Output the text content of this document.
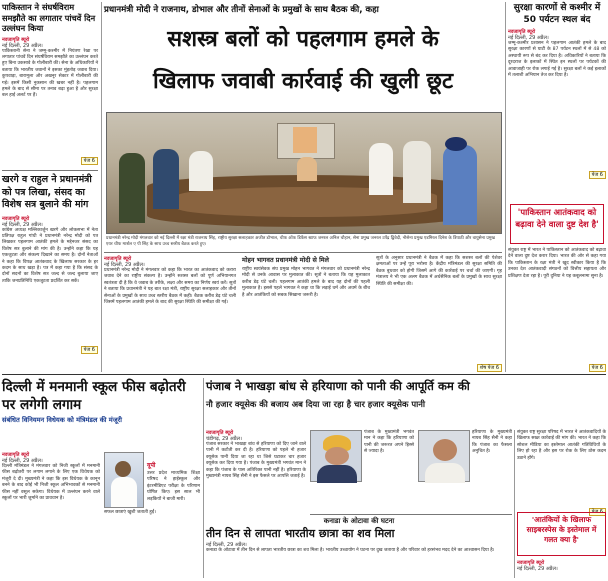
पाकिस्तान ने संघर्षविराम समझौते का लगातार पांचवें दिन उल्लंघन किया
नवजागृति ब्यूरो
नई दिल्ली, 29 अप्रैल।
पाकिस्तानी सेना ने जम्मू-कश्मीर में नियंत्रण रेखा पर लगातार पांचवें दिन संघर्षविराम समझौते का उल्लंघन करते हुए बिना उकसावे के गोलीबारी की। सेना के अधिकारियों ने बताया कि भारतीय जवानों ने इसका मुंहतोड़ जवाब दिया। कुपवाड़ा, बारामूला और अखनूर सेक्टर में गोलीबारी की गई। इसमें किसी नुकसान की खबर नहीं है। पहलगाम हमले के बाद से सीमा पर तनाव बढ़ा हुआ है और सुरक्षा बल हाई अलर्ट पर हैं।
पेज 6
खरगे व राहुल ने प्रधानमंत्री को पत्र लिखा, संसद का विशेष सत्र बुलाने की मांग
नवजागृति ब्यूरो
नई दिल्ली, 29 अप्रैल।
कांग्रेस अध्यक्ष मल्लिकार्जुन खरगे और लोकसभा में नेता प्रतिपक्ष राहुल गांधी ने प्रधानमंत्री नरेन्द्र मोदी को पत्र लिखकर पहलगाम आतंकी हमले के मद्देनजर संसद का विशेष सत्र बुलाने की मांग की है। उन्होंने कहा कि यह एकजुटता और संकल्प दिखाने का समय है। दोनों नेताओं ने कहा कि विपक्ष आतंकवाद के खिलाफ सरकार के हर कदम के साथ खड़ा है। पत्र में कहा गया है कि संसद के दोनों सदनों का विशेष सत्र जल्द से जल्द बुलाया जाए ताकि जनप्रतिनिधि एकजुटता प्रदर्शित कर सकें।
पेज 6
प्रधानमंत्री मोदी ने राजनाथ, डोभाल और तीनों सेनाओं के प्रमुखों के साथ बैठक की, कहा
सशस्त्र बलों को पहलगाम हमले के
खिलाफ जवाबी कार्रवाई की खुली छूट
प्रधानमंत्री नरेन्द्र मोदी मंगलवार को नई दिल्ली में रक्षा मंत्री राजनाथ सिंह, राष्ट्रीय सुरक्षा सलाहकार अजीत डोभाल, चीफ ऑफ डिफेंस स्टाफ जनरल अनिल चौहान, सेना प्रमुख जनरल उपेंद्र द्विवेदी, नौसेना प्रमुख एडमिरल दिनेश के त्रिपाठी और वायुसेना प्रमुख एयर चीफ मार्शल ए पी सिंह के साथ उच्च स्तरीय बैठक करते हुए।
नवजागृति ब्यूरो
नई दिल्ली, 29 अप्रैल।
प्रधानमंत्री नरेन्द्र मोदी ने मंगलवार को कहा कि भारत का आतंकवाद को करारा जवाब देने का राष्ट्रीय संकल्प है। उन्होंने सशस्त्र बलों को पूर्ण अभियानगत स्वतंत्रता दी है कि वे जवाब के तरीके, लक्ष्य और समय का निर्णय स्वयं करें। सूत्रों ने बताया कि प्रधानमंत्री ने यह बात रक्षा मंत्री, राष्ट्रीय सुरक्षा सलाहकार और तीनों सेनाओं के प्रमुखों के साथ उच्च स्तरीय बैठक में कही। बैठक करीब डेढ़ घंटे चली जिसमें पहलगाम आतंकी हमले के बाद की सुरक्षा स्थिति की समीक्षा की गई।
मोहन भागवत प्रधानमंत्री मोदी से मिले
राष्ट्रीय स्वयंसेवक संघ प्रमुख मोहन भागवत ने मंगलवार को प्रधानमंत्री नरेन्द्र मोदी से उनके आवास पर मुलाकात की। सूत्रों ने बताया कि यह मुलाकात करीब डेढ़ घंटे चली। पहलगाम आतंकी हमले के बाद यह दोनों की पहली मुलाकात है। इससे पहले भागवत ने कहा था कि लड़ाई धर्म और अधर्म के बीच है और आतंकियों को सबक सिखाना जरूरी है।
सूत्रों के अनुसार प्रधानमंत्री ने बैठक में कहा कि सशस्त्र बलों की पेशेवर क्षमताओं पर उन्हें पूरा भरोसा है। केंद्रीय मंत्रिमंडल की सुरक्षा समिति की बैठक बुधवार को होगी जिसमें आगे की कार्रवाई पर चर्चा की जाएगी। गृह मंत्रालय ने भी एक अलग बैठक में अर्धसैनिक बलों के प्रमुखों के साथ सुरक्षा स्थिति की समीक्षा की।
शेष पेज 6
सुरक्षा कारणों से कश्मीर में 50 पर्यटन स्थल बंद
नवजागृति ब्यूरो
नई दिल्ली, 29 अप्रैल।
जम्मू-कश्मीर प्रशासन ने पहलगाम आतंकी हमले के बाद सुरक्षा कारणों से घाटी के 87 पर्यटन स्थलों में से 48 को अस्थायी रूप से बंद कर दिया है। अधिकारियों ने बताया कि दूरदराज के इलाकों में स्थित इन स्थलों पर पर्यटकों की आवाजाही पर रोक लगाई गई है। सुरक्षा बलों ने कई इलाकों में तलाशी अभियान तेज कर दिया है।
पेज 6
'पाकिस्तान आतंकवाद को बढ़ावा देने वाला दुष्ट देश है'
संयुक्त राष्ट्र में भारत ने पाकिस्तान को आतंकवाद को बढ़ावा देने वाला दुष्ट देश करार दिया। भारत की ओर से कहा गया कि पाकिस्तान के रक्षा मंत्री ने खुद स्वीकार किया है कि उनका देश आतंकवादी संगठनों को वित्तीय सहायता और प्रशिक्षण देता रहा है। पूरी दुनिया ने यह कबूलनामा सुना है।
पेज 6
दिल्ली में मनमानी स्कूल फीस बढ़ोतरी पर लगेगी लगाम
संबंधित विनियमन विधेयक को मंत्रिमंडल की मंजूरी
नवजागृति ब्यूरो
नई दिल्ली, 29 अप्रैल।
दिल्ली मंत्रिमंडल ने मंगलवार को निजी स्कूलों में मनमानी फीस बढ़ोतरी पर लगाम लगाने के लिए एक विधेयक को मंजूरी दे दी। मुख्यमंत्री ने कहा कि इस विधेयक के कानून बनने के बाद कोई भी निजी स्कूल अभिभावकों से मनमानी फीस नहीं वसूल सकेगा। विधेयक में उल्लंघन करने वाले स्कूलों पर भारी जुर्माने का प्रावधान है।
यूपी
उत्तर प्रदेश माध्यमिक शिक्षा परिषद ने हाईस्कूल और इंटरमीडिएट परीक्षा के परिणाम घोषित किए। इस साल भी लड़कियों ने बाजी मारी।
सफल छात्राएं खुशी जताती हुईं।
पंजाब ने भाखड़ा बांध से हरियाणा को पानी की आपूर्ति कम की
नौ हजार क्यूसेक की बजाय अब दिया जा रहा है चार हजार क्यूसेक पानी
नवजागृति ब्यूरो
चंडीगढ़, 29 अप्रैल।
पंजाब सरकार ने भाखड़ा बांध से हरियाणा को दिए जाने वाले पानी में कटौती कर दी है। हरियाणा को पहले नौ हजार क्यूसेक पानी दिया जा रहा था जिसे घटाकर चार हजार क्यूसेक कर दिया गया है। पंजाब के मुख्यमंत्री भगवंत मान ने कहा कि पंजाब के पास अतिरिक्त पानी नहीं है। हरियाणा के मुख्यमंत्री नायब सिंह सैनी ने इस फैसले पर आपत्ति जताई है।
पंजाब के मुख्यमंत्री भगवंत मान ने कहा कि हरियाणा को पानी की जरूरत अपने हिस्से से ज्यादा है।
हरियाणा के मुख्यमंत्री नायब सिंह सैनी ने कहा कि पंजाब का फैसला अनुचित है।
कनाडा के ओटावा की घटना
तीन दिन से लापता भारतीय छात्रा का शव मिला
नई दिल्ली, 29 अप्रैल।
कनाडा के ओटावा में तीन दिन से लापता भारतीय छात्रा का शव मिला है। भारतीय उच्चायोग ने घटना पर दुख जताया है और परिवार को हरसंभव मदद देने का आश्वासन दिया है।
संयुक्त राष्ट्र सुरक्षा परिषद में भारत ने आतंकवादियों के खिलाफ सख्त कार्रवाई की मांग की। भारत ने कहा कि सोशल मीडिया का इस्तेमाल आतंकी गतिविधियों के लिए हो रहा है और इस पर रोक के लिए ठोस कदम उठाने होंगे।
पेज 6
'आतंकियों के खिलाफ साइबरस्पेस के इस्तेमाल में गलत क्या है'
नवजागृति ब्यूरो
नई दिल्ली, 29 अप्रैल।
